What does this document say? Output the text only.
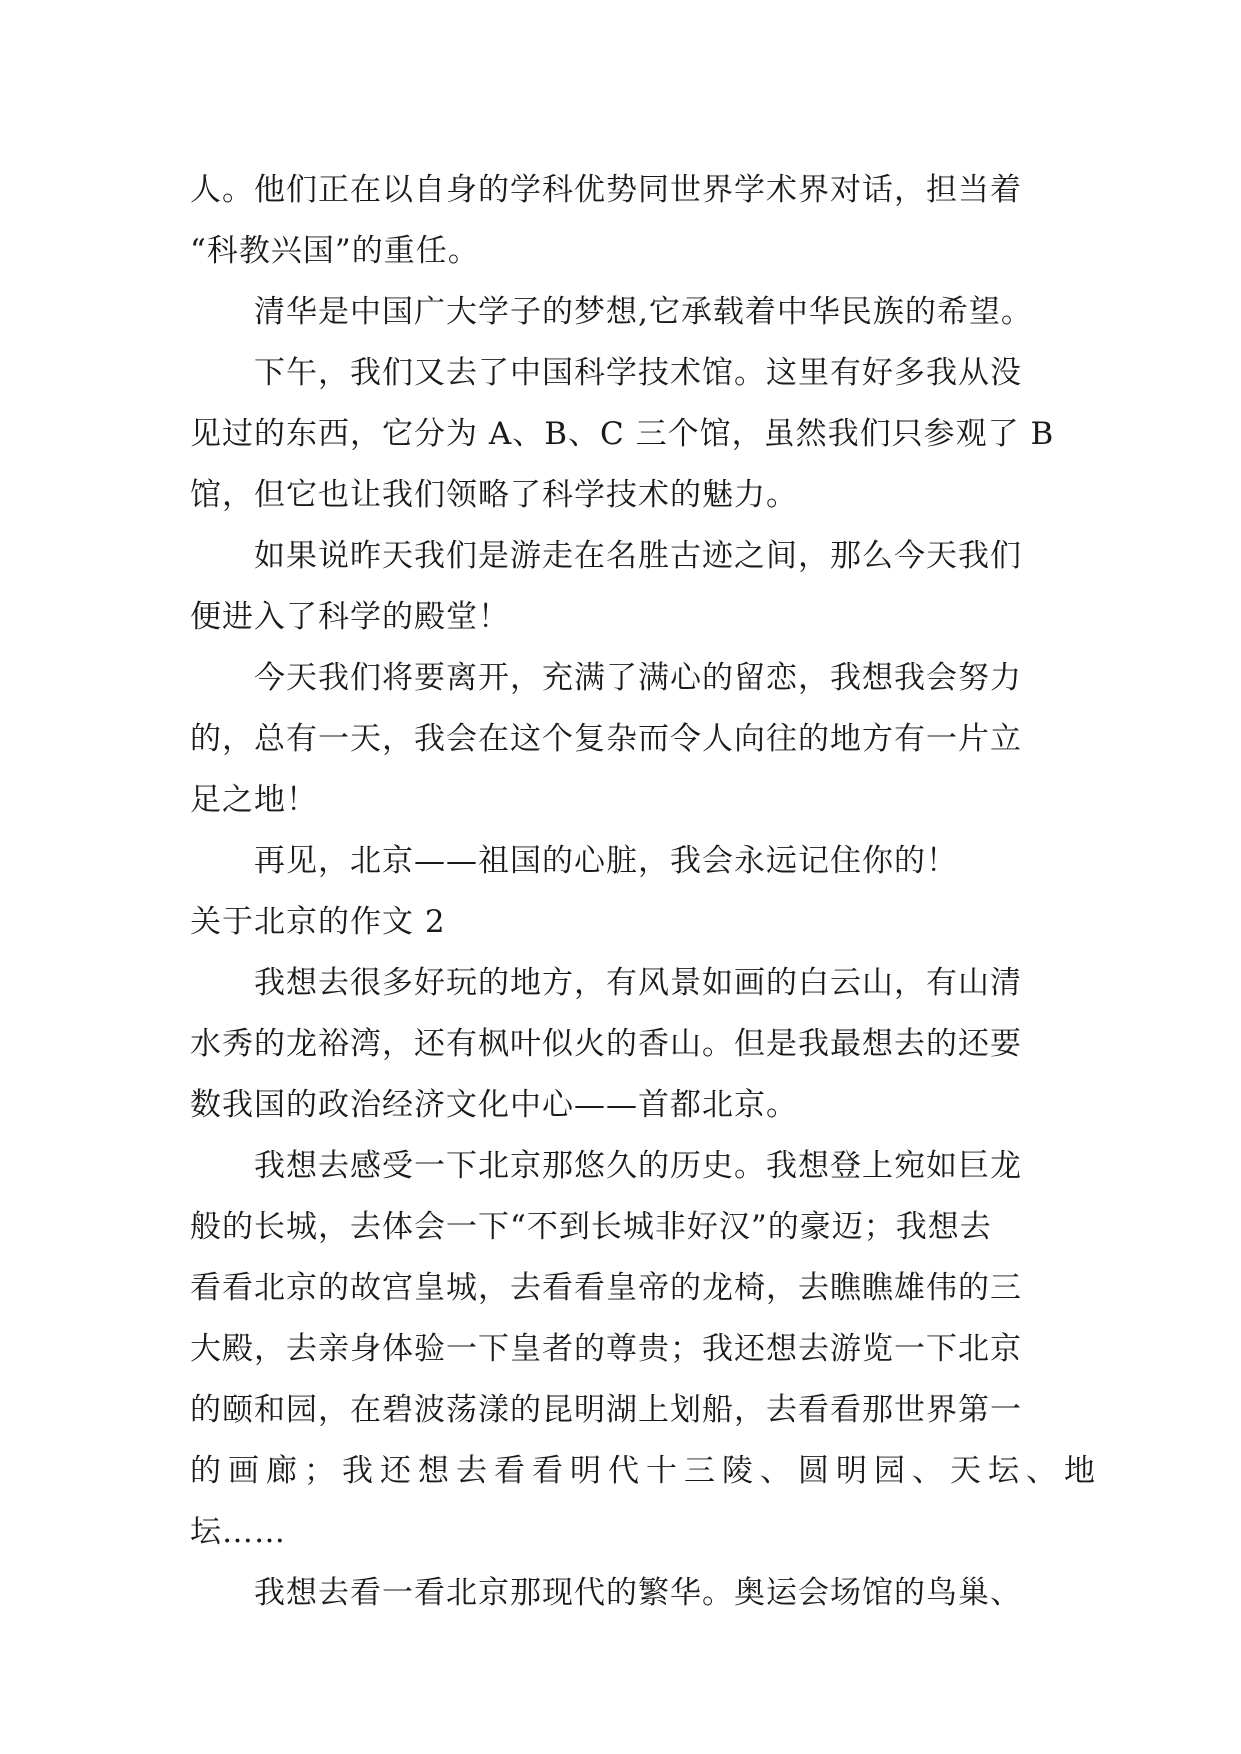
人。他们正在以自身的学科优势同世界学术界对话，担当着
“科教兴国”的重任。
清华是中国广大学子的梦想,它承载着中华民族的希望。
下午，我们又去了中国科学技术馆。这里有好多我从没
见过的东西，它分为 A、B、C 三个馆，虽然我们只参观了 B
馆，但它也让我们领略了科学技术的魅力。
如果说昨天我们是游走在名胜古迹之间，那么今天我们
便进入了科学的殿堂！
今天我们将要离开，充满了满心的留恋，我想我会努力
的，总有一天，我会在这个复杂而令人向往的地方有一片立
足之地！
再见，北京——祖国的心脏，我会永远记住你的！
关于北京的作文 2
我想去很多好玩的地方，有风景如画的白云山，有山清
水秀的龙裕湾，还有枫叶似火的香山。但是我最想去的还要
数我国的政治经济文化中心——首都北京。
我想去感受一下北京那悠久的历史。我想登上宛如巨龙
般的长城，去体会一下“不到长城非好汉”的豪迈；我想去
看看北京的故宫皇城，去看看皇帝的龙椅，去瞧瞧雄伟的三
大殿，去亲身体验一下皇者的尊贵；我还想去游览一下北京
的颐和园，在碧波荡漾的昆明湖上划船，去看看那世界第一
的画廊；我还想去看看明代十三陵、圆明园、天坛、地
坛……
我想去看一看北京那现代的繁华。奥运会场馆的鸟巢、
